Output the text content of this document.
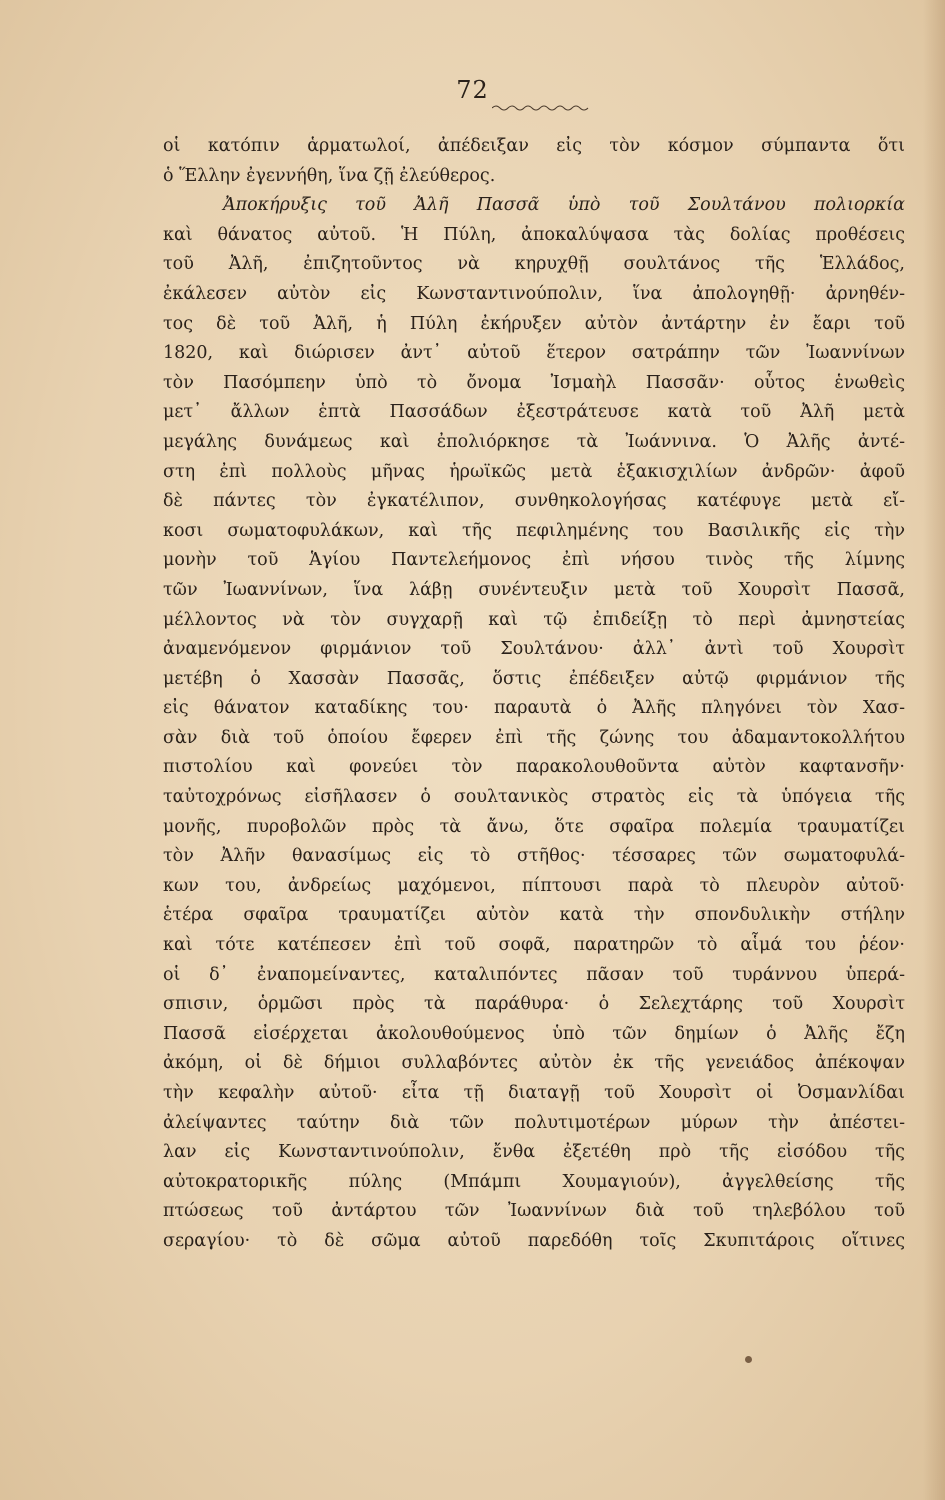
72
οἱ κατόπιν ἁρματωλοί, ἀπέδειξαν εἰς τὸν κόσμον σύμπαντα ὅτι
ὁ Ἕλλην ἐγεννήθη, ἵνα ζῇ ἐλεύθερος.
Ἀποκήρυξις τοῦ Ἀλῆ Πασσᾶ ὑπὸ τοῦ Σουλτάνου πολιορκία
καὶ θάνατος αὐτοῦ. Ἡ Πύλη, ἀποκαλύψασα τὰς δολίας προθέσεις
τοῦ Ἀλῆ, ἐπιζητοῦντος νὰ κηρυχθῇ σουλτάνος τῆς Ἑλλάδος,
ἐκάλεσεν αὐτὸν εἰς Κωνσταντινούπολιν, ἵνα ἀπολογηθῇ· ἀρνηθέν-
τος δὲ τοῦ Ἀλῆ, ἡ Πύλη ἐκήρυξεν αὐτὸν ἀντάρτην ἐν ἔαρι τοῦ
1820, καὶ διώρισεν ἀντ᾽ αὐτοῦ ἕτερον σατράπην τῶν Ἰωαννίνων
τὸν Πασόμπεην ὑπὸ τὸ ὄνομα Ἰσμαὴλ Πασσᾶν· οὗτος ἑνωθεὶς
μετ᾽ ἄλλων ἑπτὰ Πασσάδων ἐξεστράτευσε κατὰ τοῦ Ἀλῆ μετὰ
μεγάλης δυνάμεως καὶ ἐπολιόρκησε τὰ Ἰωάννινα. Ὁ Ἀλῆς ἀντέ-
στη ἐπὶ πολλοὺς μῆνας ἡρωϊκῶς μετὰ ἑξακισχιλίων ἀνδρῶν· ἀφοῦ
δὲ πάντες τὸν ἐγκατέλιπον, συνθηκολογήσας κατέφυγε μετὰ εἴ-
κοσι σωματοφυλάκων, καὶ τῆς πεφιλημένης του Βασιλικῆς εἰς τὴν
μονὴν τοῦ Ἁγίου Παντελεήμονος ἐπὶ νήσου τινὸς τῆς λίμνης
τῶν Ἰωαννίνων, ἵνα λάβῃ συνέντευξιν μετὰ τοῦ Χουρσὶτ Πασσᾶ,
μέλλοντος νὰ τὸν συγχαρῇ καὶ τῷ ἐπιδείξῃ τὸ περὶ ἀμνηστείας
ἀναμενόμενον φιρμάνιον τοῦ Σουλτάνου· ἀλλ᾽ ἀντὶ τοῦ Χουρσὶτ
μετέβη ὁ Χασσὰν Πασσᾶς, ὅστις ἐπέδειξεν αὐτῷ φιρμάνιον τῆς
εἰς θάνατον καταδίκης του· παραυτὰ ὁ Ἀλῆς πληγόνει τὸν Χασ-
σὰν διὰ τοῦ ὁποίου ἔφερεν ἐπὶ τῆς ζώνης του ἀδαμαντοκολλήτου
πιστολίου καὶ φονεύει τὸν παρακολουθοῦντα αὐτὸν καφτανσῆν·
ταὐτοχρόνως εἰσῆλασεν ὁ σουλτανικὸς στρατὸς εἰς τὰ ὑπόγεια τῆς
μονῆς, πυροβολῶν πρὸς τὰ ἄνω, ὅτε σφαῖρα πολεμία τραυματίζει
τὸν Ἀλῆν θανασίμως εἰς τὸ στῆθος· τέσσαρες τῶν σωματοφυλά-
κων του, ἀνδρείως μαχόμενοι, πίπτουσι παρὰ τὸ πλευρὸν αὐτοῦ·
ἑτέρα σφαῖρα τραυματίζει αὐτὸν κατὰ τὴν σπονδυλικὴν στήλην
καὶ τότε κατέπεσεν ἐπὶ τοῦ σοφᾶ, παρατηρῶν τὸ αἷμά του ῥέον·
οἱ δ᾽ ἐναπομείναντες, καταλιπόντες πᾶσαν τοῦ τυράννου ὑπερά-
σπισιν, ὁρμῶσι πρὸς τὰ παράθυρα· ὁ Σελεχτάρης τοῦ Χουρσὶτ
Πασσᾶ εἰσέρχεται ἀκολουθούμενος ὑπὸ τῶν δημίων ὁ Ἀλῆς ἔζη
ἀκόμη, οἱ δὲ δήμιοι συλλαβόντες αὐτὸν ἐκ τῆς γενειάδος ἀπέκοψαν
τὴν κεφαλὴν αὐτοῦ· εἶτα τῇ διαταγῇ τοῦ Χουρσὶτ οἱ Ὀσμανλίδαι
ἀλείψαντες ταύτην διὰ τῶν πολυτιμοτέρων μύρων τὴν ἀπέστει-
λαν εἰς Κωνσταντινούπολιν, ἔνθα ἐξετέθη πρὸ τῆς εἰσόδου τῆς
αὐτοκρατορικῆς πύλης (Μπάμπι Χουμαγιούν), ἀγγελθείσης τῆς
πτώσεως τοῦ ἀντάρτου τῶν Ἰωαννίνων διὰ τοῦ τηλεβόλου τοῦ
σεραγίου· τὸ δὲ σῶμα αὐτοῦ παρεδόθη τοῖς Σκυπιτάροις οἵτινες
